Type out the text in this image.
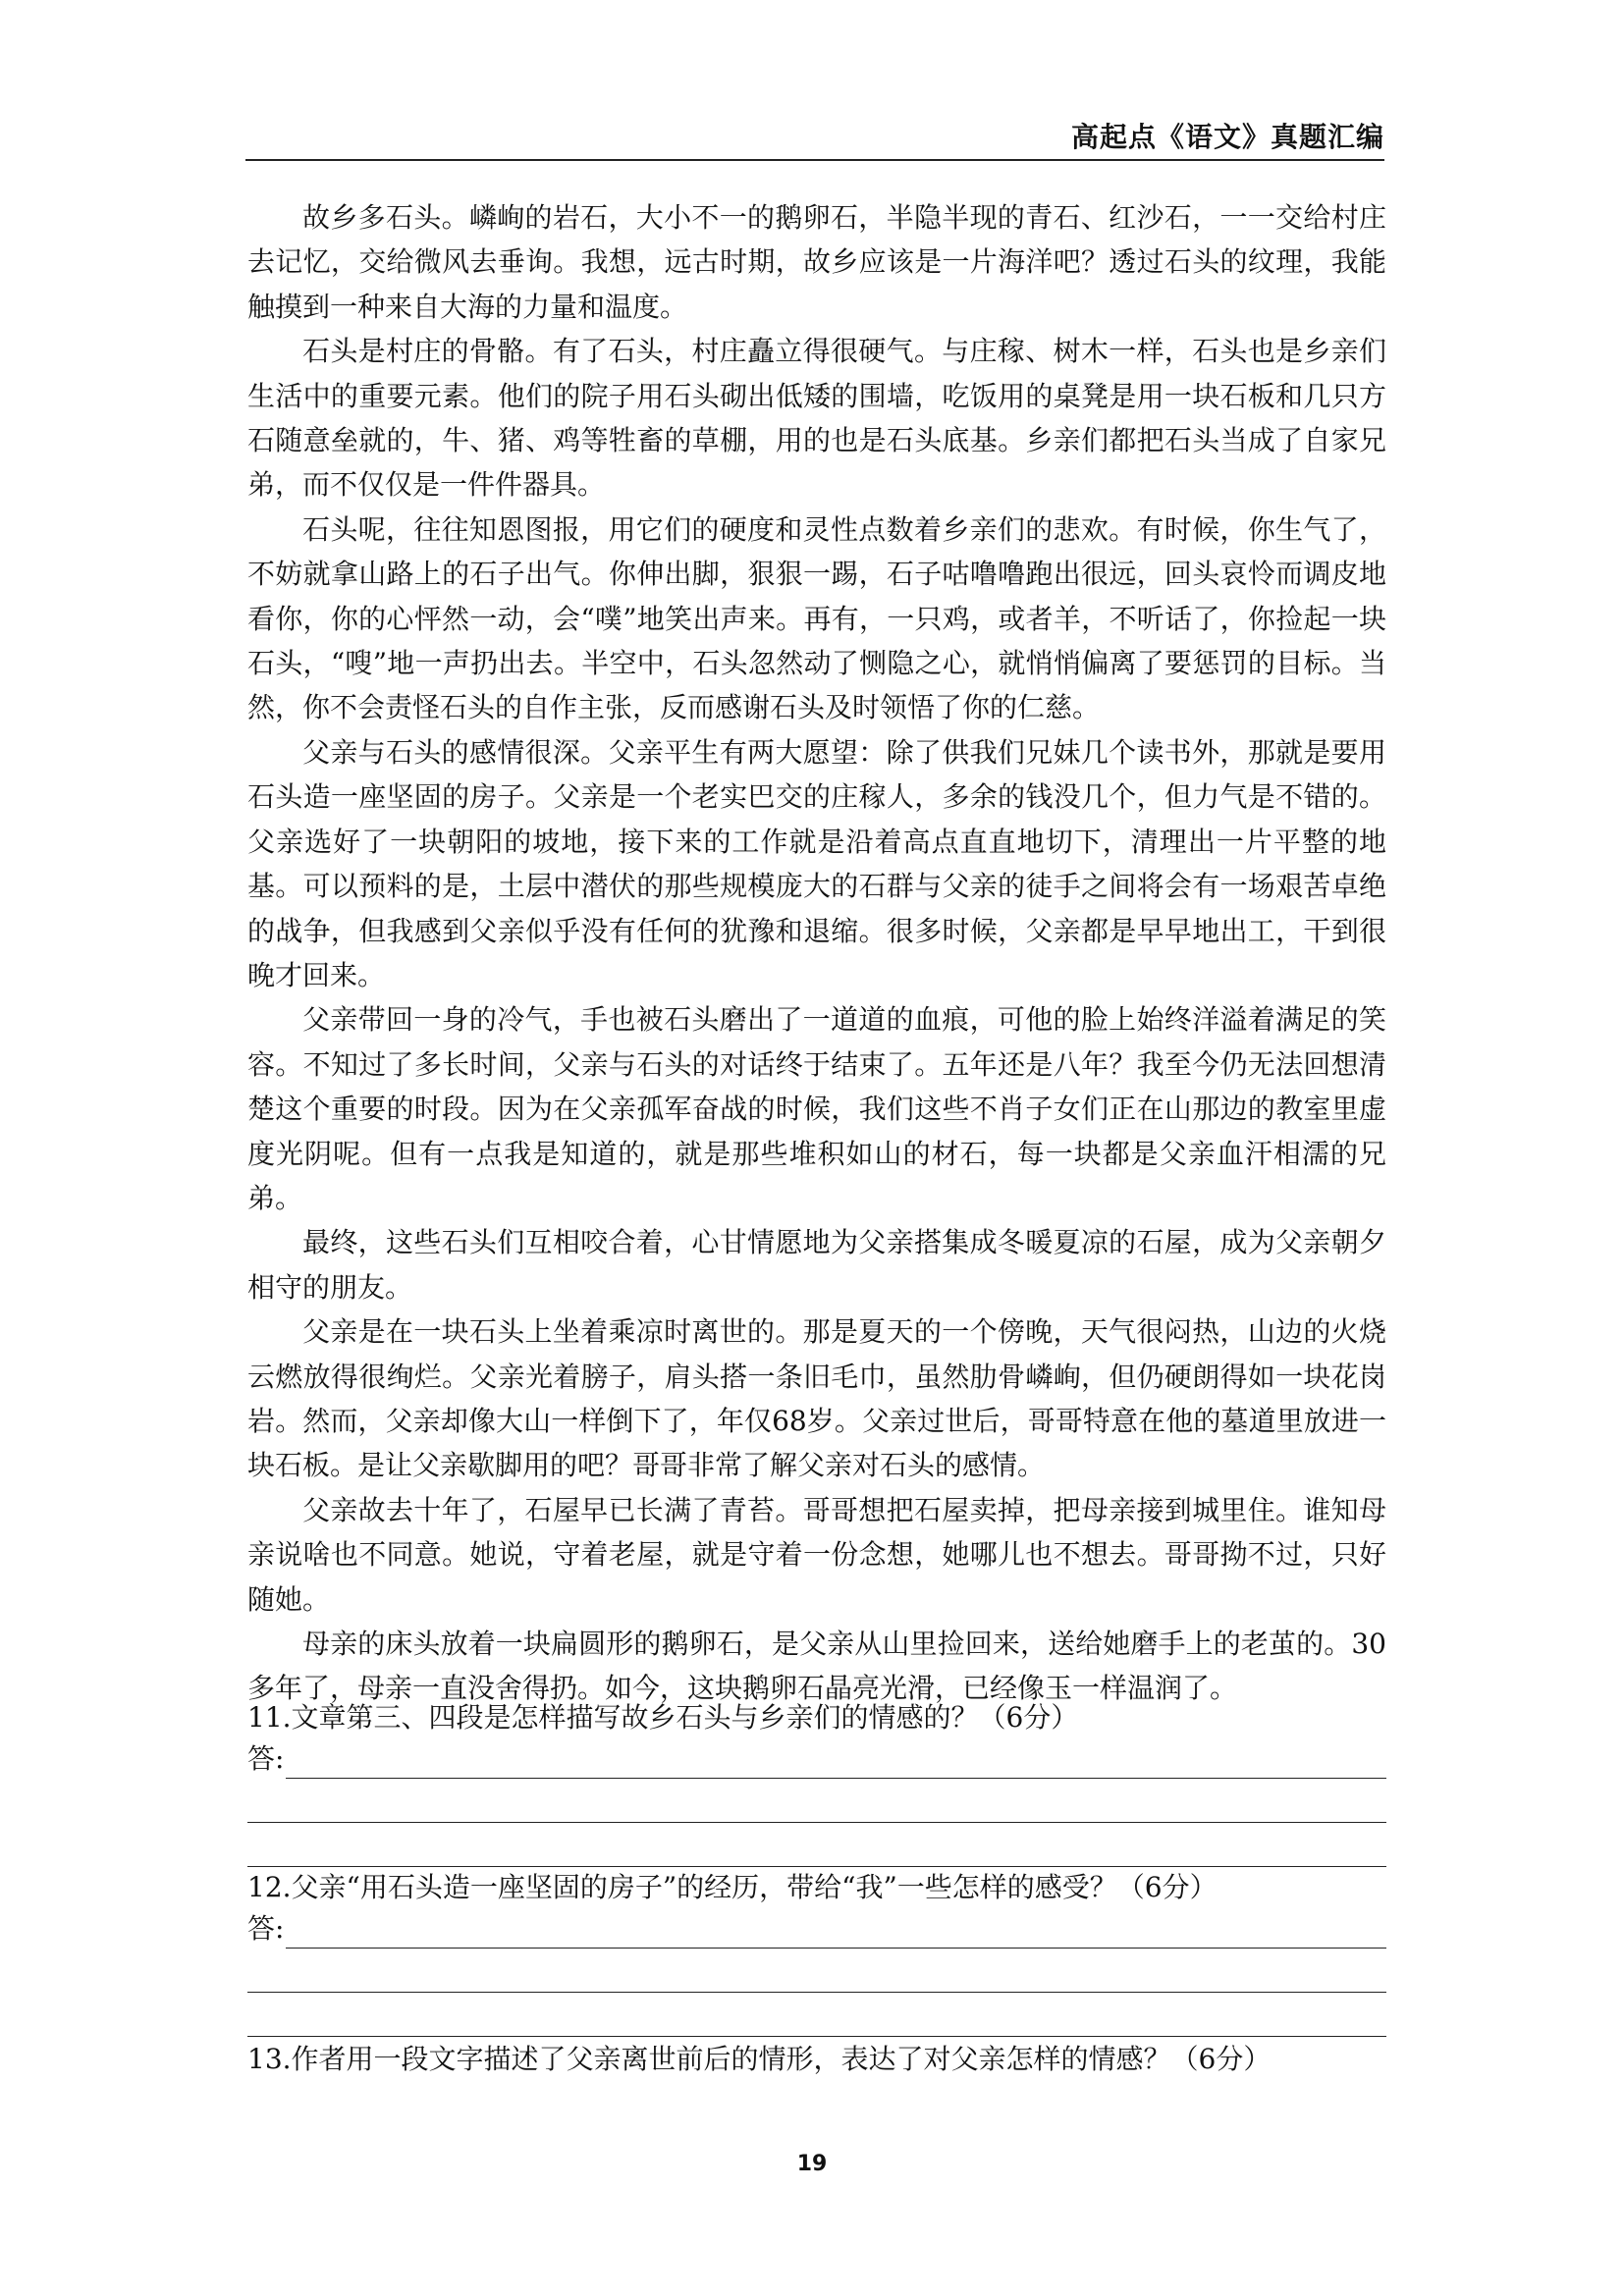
高起点《语文》真题汇编

故乡多石头。嶙峋的岩石，大小不一的鹅卵石，半隐半现的青石、红沙石，一一交给村庄去记忆，交给微风去垂询。我想，远古时期，故乡应该是一片海洋吧？透过石头的纹理，我能触摸到一种来自大海的力量和温度。

石头是村庄的骨骼。有了石头，村庄矗立得很硬气。与庄稼、树木一样，石头也是乡亲们生活中的重要元素。他们的院子用石头砌出低矮的围墙，吃饭用的桌凳是用一块石板和几只方石随意垒就的，牛、猪、鸡等牲畜的草棚，用的也是石头底基。乡亲们都把石头当成了自家兄弟，而不仅仅是一件件器具。

石头呢，往往知恩图报，用它们的硬度和灵性点数着乡亲们的悲欢。有时候，你生气了，不妨就拿山路上的石子出气。你伸出脚，狠狠一踢，石子咕噜噜跑出很远，回头哀怜而调皮地看你，你的心怦然一动，会“噗”地笑出声来。再有，一只鸡，或者羊，不听话了，你捡起一块石头，“嗖”地一声扔出去。半空中，石头忽然动了恻隐之心，就悄悄偏离了要惩罚的目标。当然，你不会责怪石头的自作主张，反而感谢石头及时领悟了你的仁慈。

父亲与石头的感情很深。父亲平生有两大愿望：除了供我们兄妹几个读书外，那就是要用石头造一座坚固的房子。父亲是一个老实巴交的庄稼人，多余的钱没几个，但力气是不错的。父亲选好了一块朝阳的坡地，接下来的工作就是沿着高点直直地切下，清理出一片平整的地基。可以预料的是，土层中潜伏的那些规模庞大的石群与父亲的徒手之间将会有一场艰苦卓绝的战争，但我感到父亲似乎没有任何的犹豫和退缩。很多时候，父亲都是早早地出工，干到很晚才回来。

父亲带回一身的冷气，手也被石头磨出了一道道的血痕，可他的脸上始终洋溢着满足的笑容。不知过了多长时间，父亲与石头的对话终于结束了。五年还是八年？我至今仍无法回想清楚这个重要的时段。因为在父亲孤军奋战的时候，我们这些不肖子女们正在山那边的教室里虚度光阴呢。但有一点我是知道的，就是那些堆积如山的材石，每一块都是父亲血汗相濡的兄弟。

最终，这些石头们互相咬合着，心甘情愿地为父亲搭集成冬暖夏凉的石屋，成为父亲朝夕相守的朋友。

父亲是在一块石头上坐着乘凉时离世的。那是夏天的一个傍晚，天气很闷热，山边的火烧云燃放得很绚烂。父亲光着膀子，肩头搭一条旧毛巾，虽然肋骨嶙峋，但仍硬朗得如一块花岗岩。然而，父亲却像大山一样倒下了，年仅68岁。父亲过世后，哥哥特意在他的墓道里放进一块石板。是让父亲歇脚用的吧？哥哥非常了解父亲对石头的感情。

父亲故去十年了，石屋早已长满了青苔。哥哥想把石屋卖掉，把母亲接到城里住。谁知母亲说啥也不同意。她说，守着老屋，就是守着一份念想，她哪儿也不想去。哥哥拗不过，只好随她。

母亲的床头放着一块扁圆形的鹅卵石，是父亲从山里捡回来，送给她磨手上的老茧的。30多年了，母亲一直没舍得扔。如今，这块鹅卵石晶亮光滑，已经像玉一样温润了。

11.文章第三、四段是怎样描写故乡石头与乡亲们的情感的？（6分）
答:
12.父亲“用石头造一座坚固的房子”的经历，带给“我”一些怎样的感受？（6分）
答:
13.作者用一段文字描述了父亲离世前后的情形，表达了对父亲怎样的情感？（6分）
19
